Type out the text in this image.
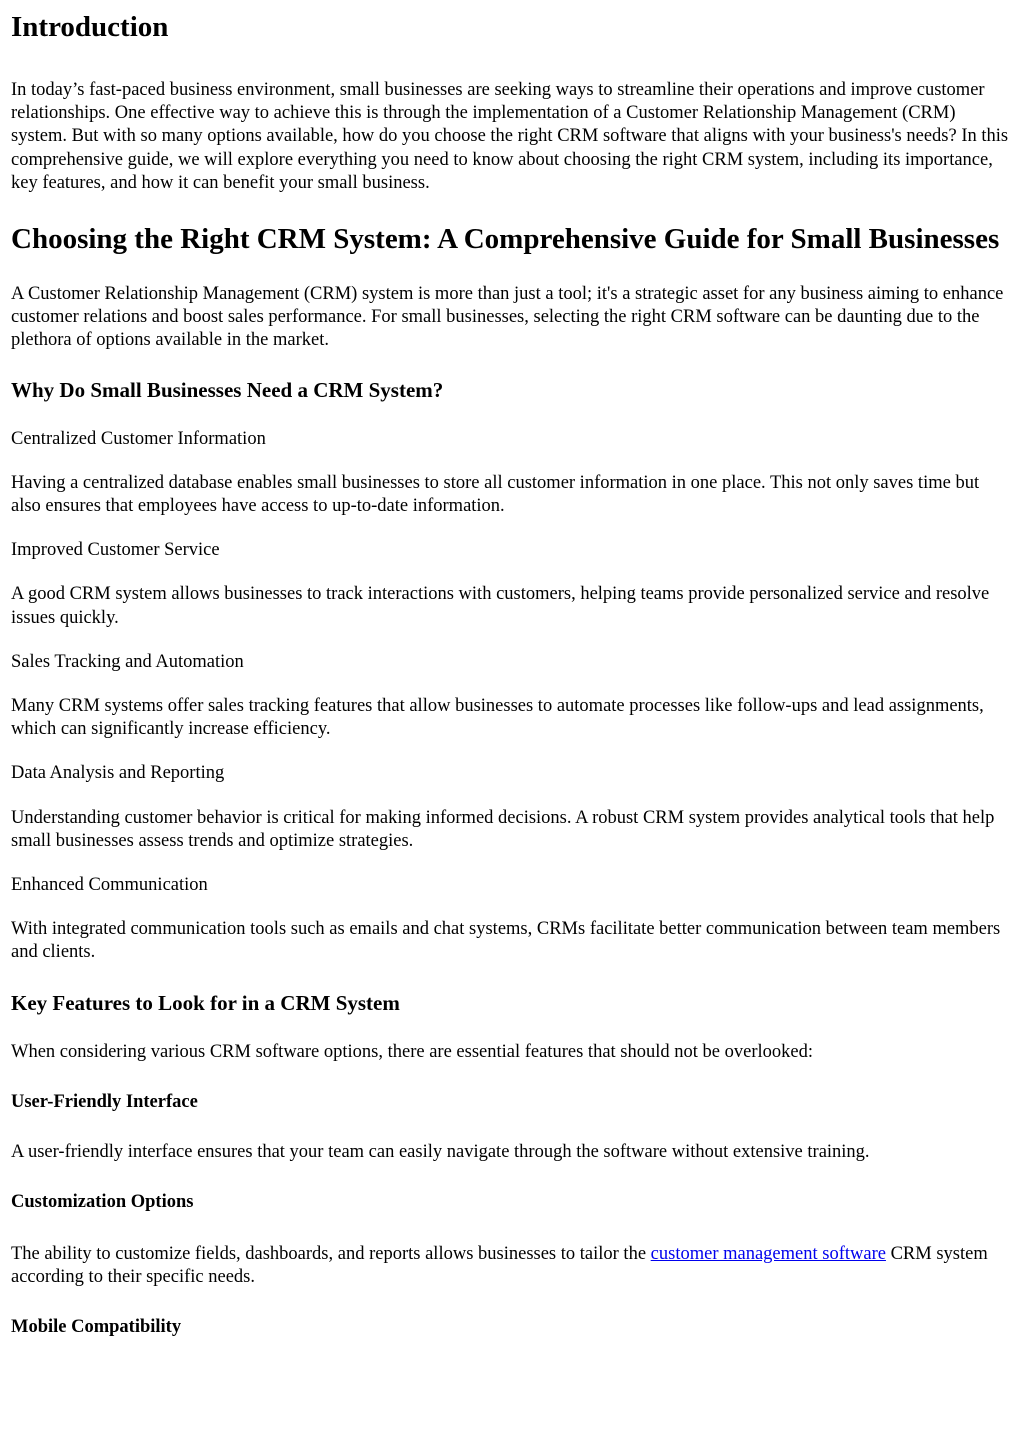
Introduction

In today’s fast-paced business environment, small businesses are seeking ways to streamline their operations and improve customer relationships. One effective way to achieve this is through the implementation of a Customer Relationship Management (CRM) system. But with so many options available, how do you choose the right CRM software that aligns with your business's needs? In this comprehensive guide, we will explore everything you need to know about choosing the right CRM system, including its importance, key features, and how it can benefit your small business.

Choosing the Right CRM System: A Comprehensive Guide for Small Businesses

A Customer Relationship Management (CRM) system is more than just a tool; it's a strategic asset for any business aiming to enhance customer relations and boost sales performance. For small businesses, selecting the right CRM software can be daunting due to the plethora of options available in the market.

Why Do Small Businesses Need a CRM System?

Centralized Customer Information

Having a centralized database enables small businesses to store all customer information in one place. This not only saves time but also ensures that employees have access to up-to-date information.

Improved Customer Service

A good CRM system allows businesses to track interactions with customers, helping teams provide personalized service and resolve issues quickly.

Sales Tracking and Automation

Many CRM systems offer sales tracking features that allow businesses to automate processes like follow-ups and lead assignments, which can significantly increase efficiency.

Data Analysis and Reporting

Understanding customer behavior is critical for making informed decisions. A robust CRM system provides analytical tools that help small businesses assess trends and optimize strategies.

Enhanced Communication

With integrated communication tools such as emails and chat systems, CRMs facilitate better communication between team members and clients.

Key Features to Look for in a CRM System

When considering various CRM software options, there are essential features that should not be overlooked:

User-Friendly Interface

A user-friendly interface ensures that your team can easily navigate through the software without extensive training.

Customization Options

The ability to customize fields, dashboards, and reports allows businesses to tailor the customer management software CRM system according to their specific needs.

Mobile Compatibility
